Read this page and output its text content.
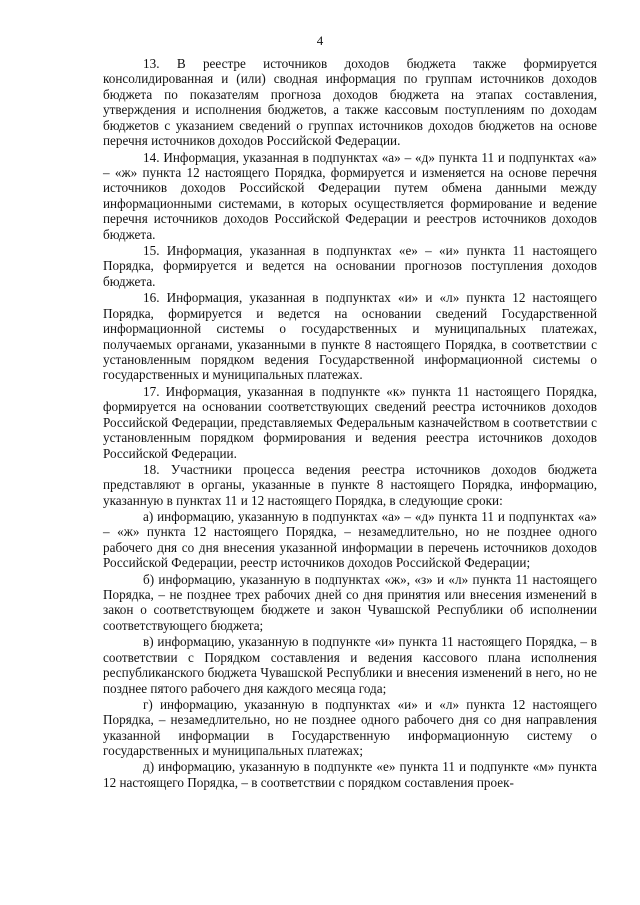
4

13. В реестре источников доходов бюджета также формируется консолидированная и (или) сводная информация по группам источников доходов бюджета по показателям прогноза доходов бюджета на этапах составления, утверждения и исполнения бюджетов, а также кассовым поступлениям по доходам бюджетов с указанием сведений о группах источников доходов бюджетов на основе перечня источников доходов Российской Федерации.

14. Информация, указанная в подпунктах «а» – «д» пункта 11 и подпунктах «а» – «ж» пункта 12 настоящего Порядка, формируется и изменяется на основе перечня источников доходов Российской Федерации путем обмена данными между информационными системами, в которых осуществляется формирование и ведение перечня источников доходов Российской Федерации и реестров источников доходов бюджета.

15. Информация, указанная в подпунктах «е» – «и» пункта 11 настоящего Порядка, формируется и ведется на основании прогнозов поступления доходов бюджета.

16. Информация, указанная в подпунктах «и» и «л» пункта 12 настоящего Порядка, формируется и ведется на основании сведений Государственной информационной системы о государственных и муниципальных платежах, получаемых органами, указанными в пункте 8 настоящего Порядка, в соответствии с установленным порядком ведения Государственной информационной системы о государственных и муниципальных платежах.

17. Информация, указанная в подпункте «к» пункта 11 настоящего Порядка, формируется на основании соответствующих сведений реестра источников доходов Российской Федерации, представляемых Федеральным казначейством в соответствии с установленным порядком формирования и ведения реестра источников доходов Российской Федерации.

18. Участники процесса ведения реестра источников доходов бюджета представляют в органы, указанные в пункте 8 настоящего Порядка, информацию, указанную в пунктах 11 и 12 настоящего Порядка, в следующие сроки:

а) информацию, указанную в подпунктах «а» – «д» пункта 11 и подпунктах «а» – «ж» пункта 12 настоящего Порядка, – незамедлительно, но не позднее одного рабочего дня со дня внесения указанной информации в перечень источников доходов Российской Федерации, реестр источников доходов Российской Федерации;

б) информацию, указанную в подпунктах «ж», «з» и «л» пункта 11 настоящего Порядка, – не позднее трех рабочих дней со дня принятия или внесения изменений в закон о соответствующем бюджете и закон Чувашской Республики об исполнении соответствующего бюджета;

в) информацию, указанную в подпункте «и» пункта 11 настоящего Порядка, – в соответствии с Порядком составления и ведения кассового плана исполнения республиканского бюджета Чувашской Республики и внесения изменений в него, но не позднее пятого рабочего дня каждого месяца года;

г) информацию, указанную в подпунктах «и» и «л» пункта 12 настоящего Порядка, – незамедлительно, но не позднее одного рабочего дня со дня направления указанной информации в Государственную информационную систему о государственных и муниципальных платежах;

д) информацию, указанную в подпункте «е» пункта 11 и подпункте «м» пункта 12 настоящего Порядка, – в соответствии с порядком составления проек-
